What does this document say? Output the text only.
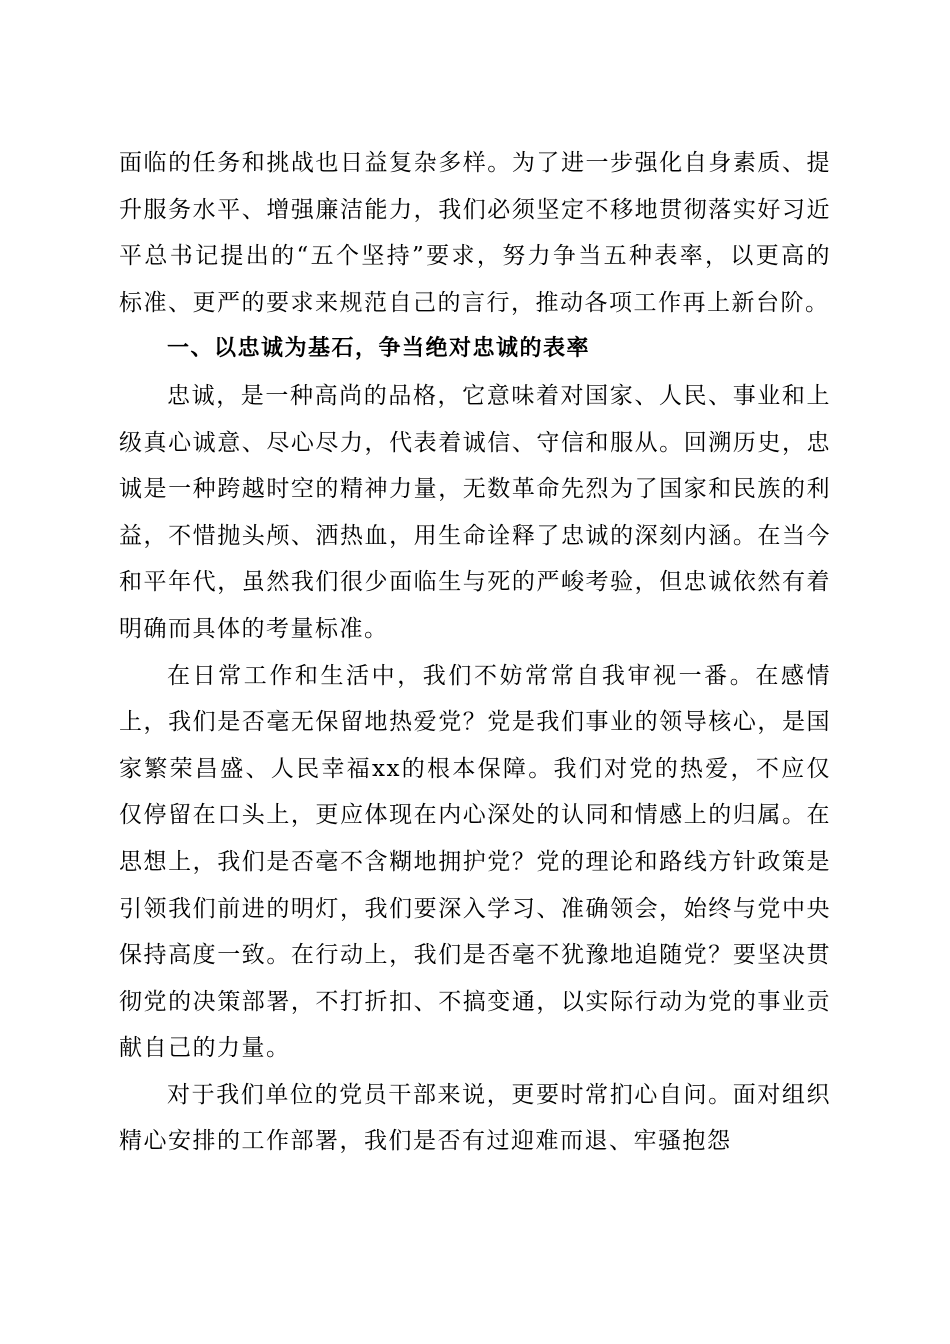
面临的任务和挑战也日益复杂多样。为了进一步强化自身素质、提升服务水平、增强廉洁能力，我们必须坚定不移地贯彻落实好习近平总书记提出的“五个坚持”要求，努力争当五种表率，以更高的标准、更严的要求来规范自己的言行，推动各项工作再上新台阶。

一、以忠诚为基石，争当绝对忠诚的表率

忠诚，是一种高尚的品格，它意味着对国家、人民、事业和上级真心诚意、尽心尽力，代表着诚信、守信和服从。回溯历史，忠诚是一种跨越时空的精神力量，无数革命先烈为了国家和民族的利益，不惜抛头颅、洒热血，用生命诠释了忠诚的深刻内涵。在当今和平年代，虽然我们很少面临生与死的严峻考验，但忠诚依然有着明确而具体的考量标准。

在日常工作和生活中，我们不妨常常自我审视一番。在感情上，我们是否毫无保留地热爱党？党是我们事业的领导核心，是国家繁荣昌盛、人民幸福xx的根本保障。我们对党的热爱，不应仅仅停留在口头上，更应体现在内心深处的认同和情感上的归属。在思想上，我们是否毫不含糊地拥护党？党的理论和路线方针政策是引领我们前进的明灯，我们要深入学习、准确领会，始终与党中央保持高度一致。在行动上，我们是否毫不犹豫地追随党？要坚决贯彻党的决策部署，不打折扣、不搞变通，以实际行动为党的事业贡献自己的力量。

对于我们单位的党员干部来说，更要时常扪心自问。面对组织精心安排的工作部署，我们是否有过迎难而退、牢骚抱怨
